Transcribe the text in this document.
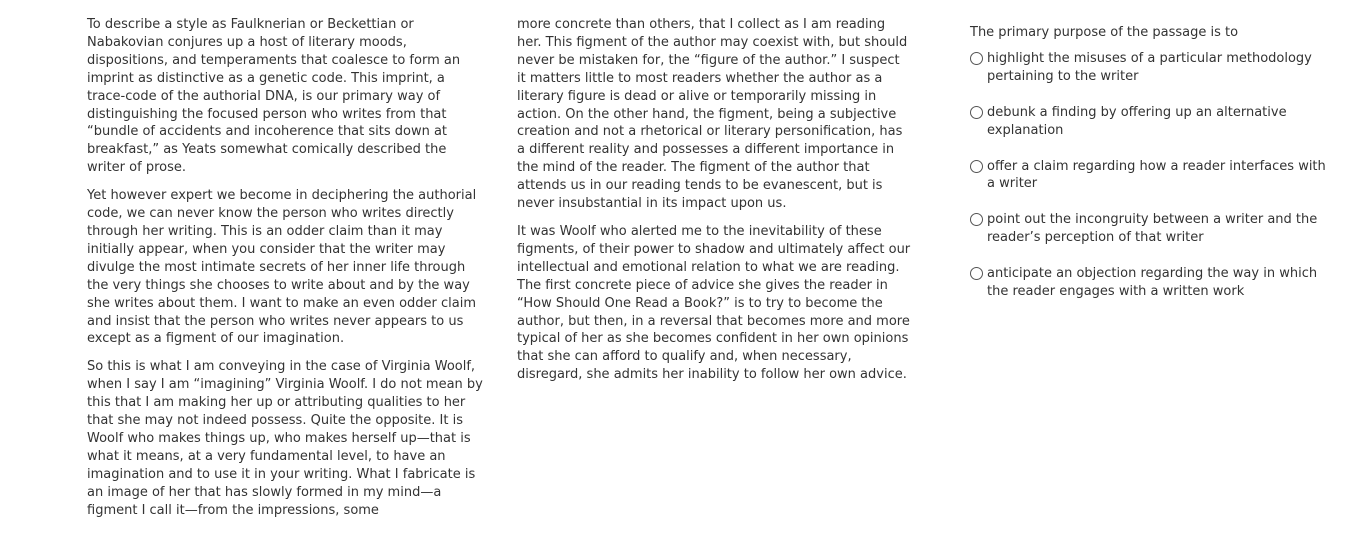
To describe a style as Faulknerian or Beckettian or Nabakovian conjures up a host of literary moods, dispositions, and temperaments that coalesce to form an imprint as distinctive as a genetic code. This imprint, a trace-code of the authorial DNA, is our primary way of distinguishing the focused person who writes from that “bundle of accidents and incoherence that sits down at breakfast,” as Yeats somewhat comically described the writer of prose.

Yet however expert we become in deciphering the authorial code, we can never know the person who writes directly through her writing. This is an odder claim than it may initially appear, when you consider that the writer may divulge the most intimate secrets of her inner life through the very things she chooses to write about and by the way she writes about them. I want to make an even odder claim and insist that the person who writes never appears to us except as a figment of our imagination.

So this is what I am conveying in the case of Virginia Woolf, when I say I am “imagining” Virginia Woolf. I do not mean by this that I am making her up or attributing qualities to her that she may not indeed possess. Quite the opposite. It is Woolf who makes things up, who makes herself up—that is what it means, at a very fundamental level, to have an imagination and to use it in your writing. What I fabricate is an image of her that has slowly formed in my mind—a figment I call it—from the impressions, some

more concrete than others, that I collect as I am reading her. This figment of the author may coexist with, but should never be mistaken for, the “figure of the author.” I suspect it matters little to most readers whether the author as a literary figure is dead or alive or temporarily missing in action. On the other hand, the figment, being a subjective creation and not a rhetorical or literary personification, has a different reality and possesses a different importance in the mind of the reader. The figment of the author that attends us in our reading tends to be evanescent, but is never insubstantial in its impact upon us.

It was Woolf who alerted me to the inevitability of these figments, of their power to shadow and ultimately affect our intellectual and emotional relation to what we are reading. The first concrete piece of advice she gives the reader in “How Should One Read a Book?” is to try to become the author, but then, in a reversal that becomes more and more typical of her as she becomes confident in her own opinions that she can afford to qualify and, when necessary, disregard, she admits her inability to follow her own advice.

The primary purpose of the passage is to
highlight the misuses of a particular methodology pertaining to the writer
debunk a finding by offering up an alternative explanation
offer a claim regarding how a reader interfaces with a writer
point out the incongruity between a writer and the reader’s perception of that writer
anticipate an objection regarding the way in which the reader engages with a written work
